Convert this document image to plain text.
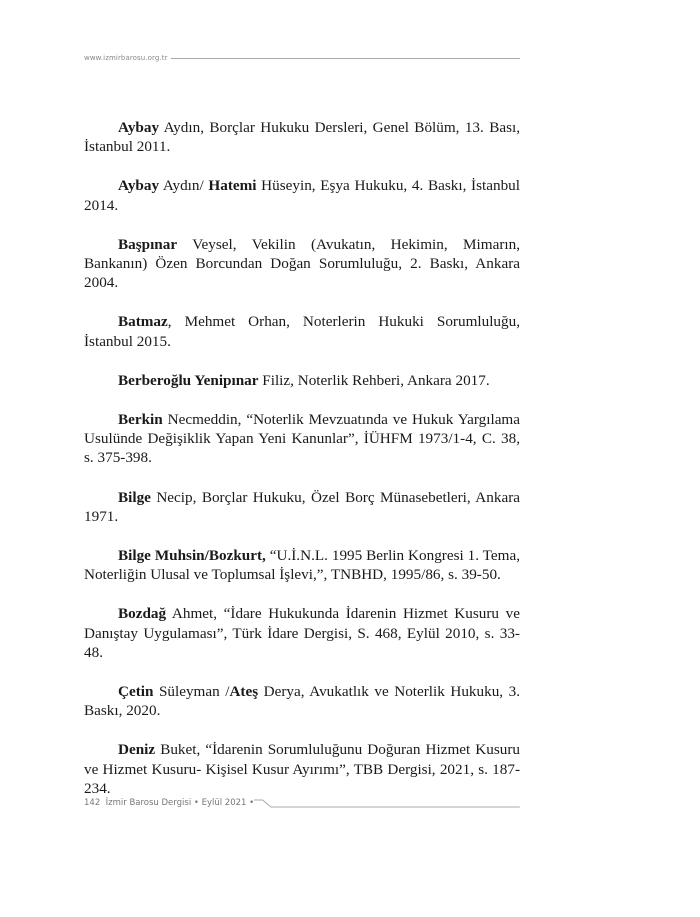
www.izmirbarosu.org.tr

Aybay Aydın, Borçlar Hukuku Dersleri, Genel Bölüm, 13. Bası, İstanbul 2011.

Aybay Aydın/ Hatemi Hüseyin, Eşya Hukuku, 4. Baskı, İstanbul 2014.

Başpınar Veysel, Vekilin (Avukatın, Hekimin, Mimarın, Bankanın) Özen Borcundan Doğan Sorumluluğu, 2. Baskı, Ankara 2004.

Batmaz, Mehmet Orhan, Noterlerin Hukuki Sorumluluğu, İstanbul 2015.

Berberoğlu Yenipınar Filiz, Noterlik Rehberi, Ankara 2017.

Berkin Necmeddin, “Noterlik Mevzuatında ve Hukuk Yargılama Usulünde Değişiklik Yapan Yeni Kanunlar”, İÜHFM 1973/1-4, C. 38, s. 375-398.

Bilge Necip, Borçlar Hukuku, Özel Borç Münasebetleri, Ankara 1971.

Bilge Muhsin/Bozkurt, “U.İ.N.L. 1995 Berlin Kongresi 1. Tema, Noterliğin Ulusal ve Toplumsal İşlevi,”, TNBHD, 1995/86, s. 39-50.

Bozdağ Ahmet, “İdare Hukukunda İdarenin Hizmet Kusuru ve Danıştay Uygulaması”, Türk İdare Dergisi, S. 468, Eylül 2010, s. 33-48.

Çetin Süleyman /Ateş Derya, Avukatlık ve Noterlik Hukuku, 3. Baskı, 2020.

Deniz Buket, “İdarenin Sorumluluğunu Doğuran Hizmet Kusuru ve Hizmet Kusuru- Kişisel Kusur Ayırımı”, TBB Dergisi, 2021, s. 187-234.

142 İzmir Barosu Dergisi • Eylül 2021 •
